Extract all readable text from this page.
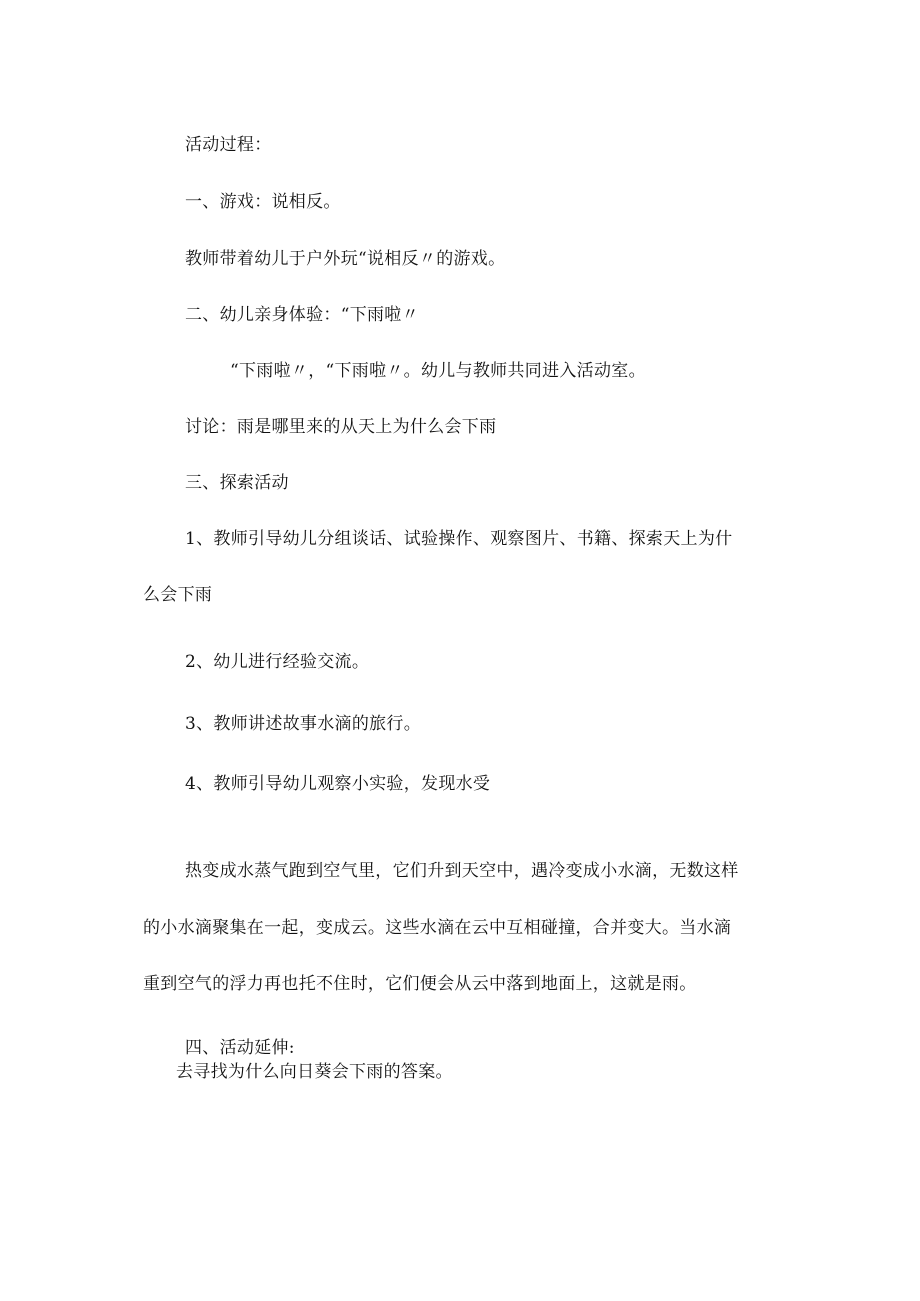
活动过程：
一、游戏：说相反。
教师带着幼儿于户外玩“说相反〃的游戏。
二、幼儿亲身体验：“下雨啦〃
“下雨啦〃，“下雨啦〃。幼儿与教师共同进入活动室。
讨论：雨是哪里来的从天上为什么会下雨
三、探索活动
1、教师引导幼儿分组谈话、试验操作、观察图片、书籍、探索天上为什
么会下雨
2、幼儿进行经验交流。
3、教师讲述故事水滴的旅行。
4、教师引导幼儿观察小实验，发现水受
热变成水蒸气跑到空气里，它们升到天空中，遇冷变成小水滴，无数这样
的小水滴聚集在一起，变成云。这些水滴在云中互相碰撞，合并变大。当水滴
重到空气的浮力再也托不住时，它们便会从云中落到地面上，这就是雨。
四、活动延伸:
去寻找为什么向日葵会下雨的答案。
